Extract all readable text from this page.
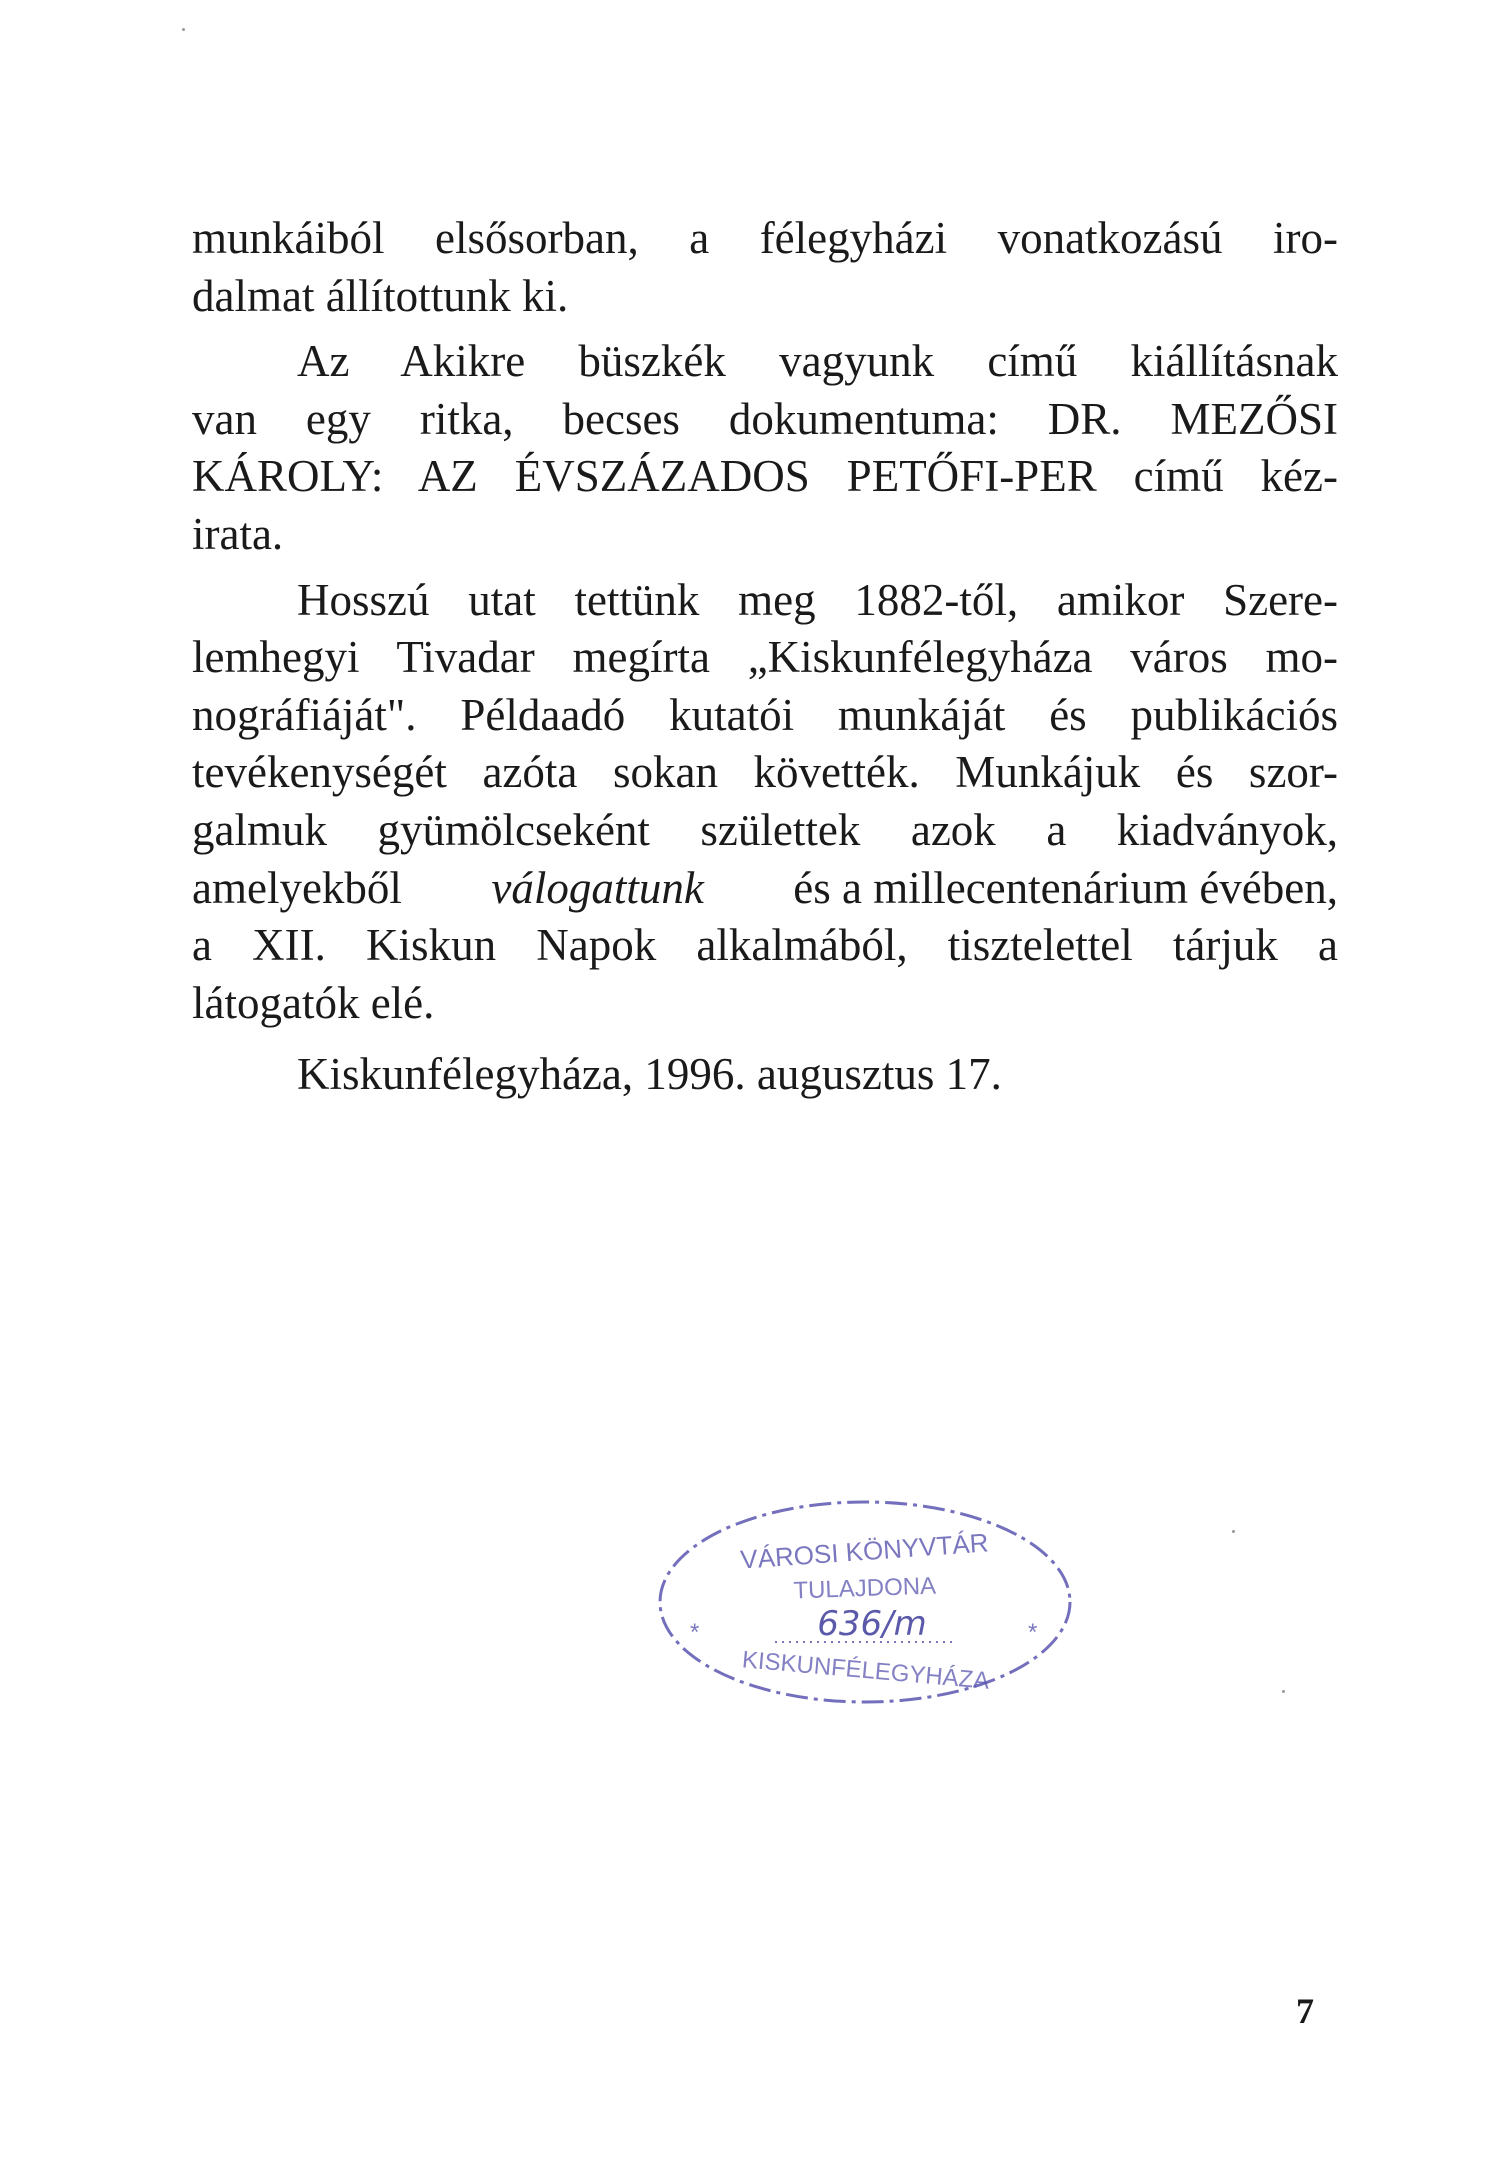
munkáiból elsősorban, a félegyházi vonatkozású iro-
dalmat állítottunk ki.
Az Akikre büszkék vagyunk című kiállításnak
van egy ritka, becses dokumentuma: DR. MEZŐSI
KÁROLY: AZ ÉVSZÁZADOS PETŐFI-PER című kéz-
irata.
Hosszú utat tettünk meg 1882-től, amikor Szere-
lemhegyi Tivadar megírta „Kiskunfélegyháza város mo-
nográfiáját". Példaadó kutatói munkáját és publikációs
tevékenységét azóta sokan követték. Munkájuk és szor-
galmuk gyümölcseként születtek azok a kiadványok,
amelyekből válogattunk és a millecentenárium évében,
a XII. Kiskun Napok alkalmából, tisztelettel tárjuk a
látogatók elé.
Kiskunfélegyháza, 1996. augusztus 17.
VÁROSI KÖNYVTÁR
TULAJDONA
*	*
636/m
KISKUNFÉLEGYHÁZA
7
